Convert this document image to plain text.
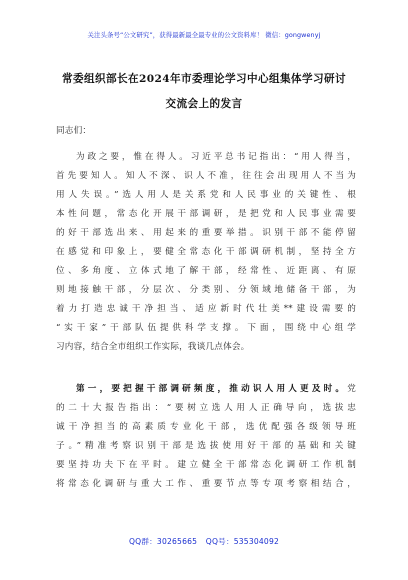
关注头条号“公文研究”，获得最新最全最专业的公文资料库！ 微信：gongwenyj
常委组织部长在2024年市委理论学习中心组集体学习研讨
交流会上的发言
同志们：
为政之要，惟在得人。习近平总书记指出：“用人得当，
首先要知人。知人不深、识人不准，往往会出现用人不当为
用人失误。”选人用人是关系党和人民事业的关键性、根
本性问题，常态化开展干部调研，是把党和人民事业需要
的好干部选出来、用起来的重要举措。识别干部不能停留
在感觉和印象上，要健全常态化干部调研机制，坚持全方
位、多角度、立体式地了解干部，经常性、近距离、有原
则地接触干部，分层次、分类别、分领域地储备干部，为
着力打造忠诚干净担当、适应新时代壮美**建设需要的
“实干家”干部队伍提供科学支撑。下面，围绕中心组学
习内容，结合全市组织工作实际，我谈几点体会。
第一，要把握干部调研频度，推动识人用人更及时。党
的二十大报告指出：“要树立选人用人正确导向，选拔忠
诚干净担当的高素质专业化干部，选优配强各级领导班
子。”精准考察识别干部是选拔使用好干部的基础和关键
要坚持功夫下在平时。建立健全干部常态化调研工作机制
将常态化调研与重大工作、重要节点等专项考察相结合，
QQ群：30265665 QQ号：535304092
